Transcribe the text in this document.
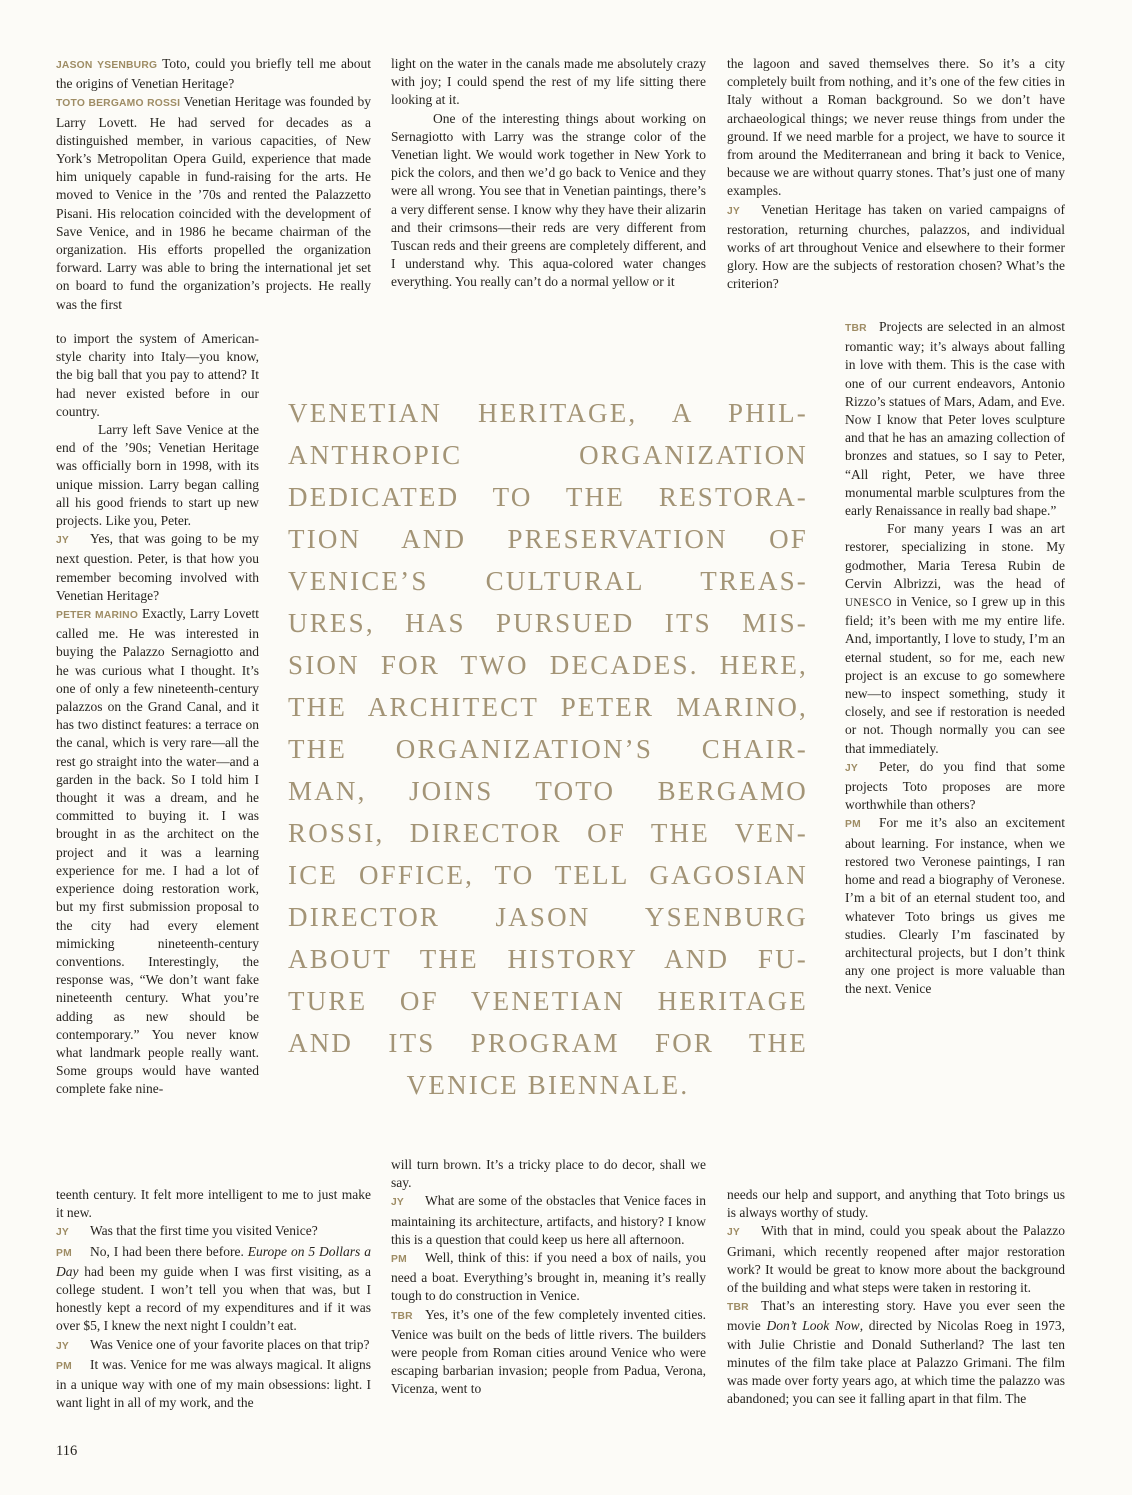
JASON YSENBURG Toto, could you briefly tell me about the origins of Venetian Heritage?

TOTO BERGAMO ROSSI Venetian Heritage was founded by Larry Lovett. He had served for decades as a distinguished member, in various capacities, of New York’s Metropolitan Opera Guild, experience that made him uniquely capable in fund-raising for the arts. He moved to Venice in the ’70s and rented the Palazzetto Pisani. His relocation coincided with the development of Save Venice, and in 1986 he became chairman of the organization. His efforts propelled the organization forward. Larry was able to bring the international jet set on board to fund the organization’s projects. He really was the first

to import the system of American-style charity into Italy—you know, the big ball that you pay to attend? It had never existed before in our country.

Larry left Save Venice at the end of the ’90s; Venetian Heritage was officially born in 1998, with its unique mission. Larry began calling all his good friends to start up new projects. Like you, Peter.

JY Yes, that was going to be my next question. Peter, is that how you remember becoming involved with Venetian Heritage?

PETER MARINO Exactly, Larry Lovett called me. He was interested in buying the Palazzo Sernagiotto and he was curious what I thought. It’s one of only a few nineteenth-century palazzos on the Grand Canal, and it has two distinct features: a terrace on the canal, which is very rare—all the rest go straight into the water—and a garden in the back. So I told him I thought it was a dream, and he committed to buying it. I was brought in as the architect on the project and it was a learning experience for me. I had a lot of experience doing restoration work, but my first submission proposal to the city had every element mimicking nineteenth-century conventions. Interestingly, the response was, “We don’t want fake nineteenth century. What you’re adding as new should be contemporary.” You never know what landmark people really want. Some groups would have wanted complete fake nine-

teenth century. It felt more intelligent to me to just make it new.

JY Was that the first time you visited Venice?

PM No, I had been there before. Europe on 5 Dollars a Day had been my guide when I was first visiting, as a college student. I won’t tell you when that was, but I honestly kept a record of my expenditures and if it was over $5, I knew the next night I couldn’t eat.

JY Was Venice one of your favorite places on that trip?

PM It was. Venice for me was always magical. It aligns in a unique way with one of my main obsessions: light. I want light in all of my work, and the

light on the water in the canals made me absolutely crazy with joy; I could spend the rest of my life sitting there looking at it.

One of the interesting things about working on Sernagiotto with Larry was the strange color of the Venetian light. We would work together in New York to pick the colors, and then we’d go back to Venice and they were all wrong. You see that in Venetian paintings, there’s a very different sense. I know why they have their alizarin and their crimsons—their reds are very different from Tuscan reds and their greens are completely different, and I understand why. This aqua-colored water changes everything. You really can’t do a normal yellow or it

will turn brown. It’s a tricky place to do decor, shall we say.

JY What are some of the obstacles that Venice faces in maintaining its architecture, artifacts, and history? I know this is a question that could keep us here all afternoon.

PM Well, think of this: if you need a box of nails, you need a boat. Everything’s brought in, meaning it’s really tough to do construction in Venice.

TBR Yes, it’s one of the few completely invented cities. Venice was built on the beds of little rivers. The builders were people from Roman cities around Venice who were escaping barbarian invasion; people from Padua, Verona, Vicenza, went to

the lagoon and saved themselves there. So it’s a city completely built from nothing, and it’s one of the few cities in Italy without a Roman background. So we don’t have archaeological things; we never reuse things from under the ground. If we need marble for a project, we have to source it from around the Mediterranean and bring it back to Venice, because we are without quarry stones. That’s just one of many examples.

JY Venetian Heritage has taken on varied campaigns of restoration, returning churches, palazzos, and individual works of art throughout Venice and elsewhere to their former glory. How are the subjects of restoration chosen? What’s the criterion?

TBR Projects are selected in an almost romantic way; it’s always about falling in love with them. This is the case with one of our current endeavors, Antonio Rizzo’s statues of Mars, Adam, and Eve. Now I know that Peter loves sculpture and that he has an amazing collection of bronzes and statues, so I say to Peter, “All right, Peter, we have three monumental marble sculptures from the early Renaissance in really bad shape.”

For many years I was an art restorer, specializing in stone. My godmother, Maria Teresa Rubin de Cervin Albrizzi, was the head of UNESCO in Venice, so I grew up in this field; it’s been with me my entire life. And, importantly, I love to study, I’m an eternal student, so for me, each new project is an excuse to go somewhere new—to inspect something, study it closely, and see if restoration is needed or not. Though normally you can see that immediately.

JY Peter, do you find that some projects Toto proposes are more worthwhile than others?

PM For me it’s also an excitement about learning. For instance, when we restored two Veronese paintings, I ran home and read a biography of Veronese. I’m a bit of an eternal student too, and whatever Toto brings us gives me studies. Clearly I’m fascinated by architectural projects, but I don’t think any one project is more valuable than the next. Venice

needs our help and support, and anything that Toto brings us is always worthy of study.

JY With that in mind, could you speak about the Palazzo Grimani, which recently reopened after major restoration work? It would be great to know more about the background of the building and what steps were taken in restoring it.

TBR That’s an interesting story. Have you ever seen the movie Don’t Look Now, directed by Nicolas Roeg in 1973, with Julie Christie and Donald Sutherland? The last ten minutes of the film take place at Palazzo Grimani. The film was made over forty years ago, at which time the palazzo was abandoned; you can see it falling apart in that film. The

VENETIAN HERITAGE, A PHIL-
ANTHROPIC ORGANIZATION
DEDICATED TO THE RESTORA-
TION AND PRESERVATION OF
VENICE’S CULTURAL TREAS-
URES, HAS PURSUED ITS MIS-
SION FOR TWO DECADES. HERE,
THE ARCHITECT PETER MARINO,
THE ORGANIZATION’S CHAIR-
MAN, JOINS TOTO BERGAMO
ROSSI, DIRECTOR OF THE VEN-
ICE OFFICE, TO TELL GAGOSIAN
DIRECTOR JASON YSENBURG
ABOUT THE HISTORY AND FU-
TURE OF VENETIAN HERITAGE
AND ITS PROGRAM FOR THE
VENICE BIENNALE.
116
